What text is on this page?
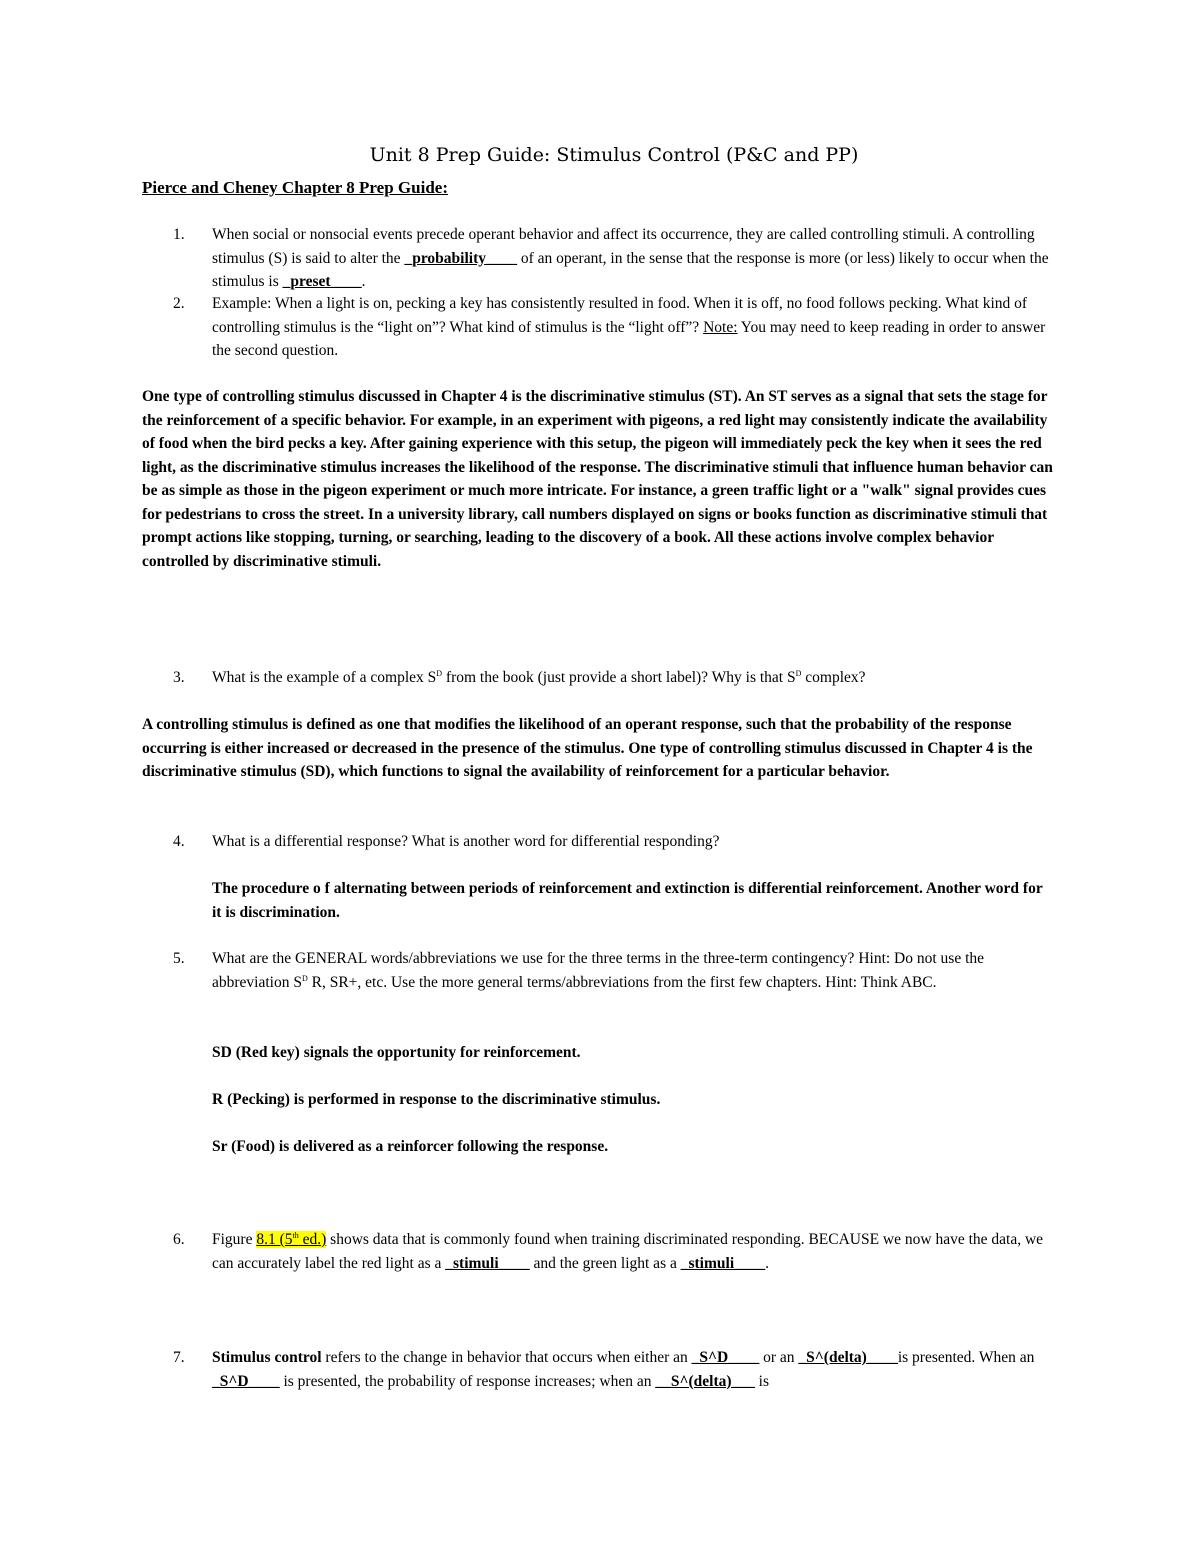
Unit 8 Prep Guide: Stimulus Control (P&C and PP)
Pierce and Cheney Chapter 8 Prep Guide:
1. When social or nonsocial events precede operant behavior and affect its occurrence, they are called controlling stimuli. A controlling stimulus (S) is said to alter the _probability____ of an operant, in the sense that the response is more (or less) likely to occur when the stimulus is _preset____.
2. Example: When a light is on, pecking a key has consistently resulted in food. When it is off, no food follows pecking. What kind of controlling stimulus is the “light on”? What kind of stimulus is the “light off”? Note: You may need to keep reading in order to answer the second question.
One type of controlling stimulus discussed in Chapter 4 is the discriminative stimulus (ST). An ST serves as a signal that sets the stage for the reinforcement of a specific behavior. For example, in an experiment with pigeons, a red light may consistently indicate the availability of food when the bird pecks a key. After gaining experience with this setup, the pigeon will immediately peck the key when it sees the red light, as the discriminative stimulus increases the likelihood of the response. The discriminative stimuli that influence human behavior can be as simple as those in the pigeon experiment or much more intricate. For instance, a green traffic light or a "walk" signal provides cues for pedestrians to cross the street. In a university library, call numbers displayed on signs or books function as discriminative stimuli that prompt actions like stopping, turning, or searching, leading to the discovery of a book. All these actions involve complex behavior controlled by discriminative stimuli.
3. What is the example of a complex $S^D$ from the book (just provide a short label)? Why is that $S^D$ complex?
A controlling stimulus is defined as one that modifies the likelihood of an operant response, such that the probability of the response occurring is either increased or decreased in the presence of the stimulus. One type of controlling stimulus discussed in Chapter 4 is the discriminative stimulus (SD), which functions to signal the availability of reinforcement for a particular behavior.
4. What is a differential response? What is another word for differential responding?
The procedure o f alternating between periods of reinforcement and extinction is differential reinforcement. Another word for it is discrimination.
5. What are the GENERAL words/abbreviations we use for the three terms in the three-term contingency? Hint: Do not use the abbreviation $S^D$ R, SR+, etc. Use the more general terms/abbreviations from the first few chapters. Hint: Think ABC.
SD (Red key) signals the opportunity for reinforcement.
R (Pecking) is performed in response to the discriminative stimulus.
Sr (Food) is delivered as a reinforcer following the response.
6. Figure 8.1 (5th ed.) shows data that is commonly found when training discriminated responding. BECAUSE we now have the data, we can accurately label the red light as a _stimuli____ and the green light as a _stimuli____.
7. Stimulus control refers to the change in behavior that occurs when either an _S^D____ or an _S^(delta)____is presented. When an _S^D____ is presented, the probability of response increases; when an __S^(delta)___ is
